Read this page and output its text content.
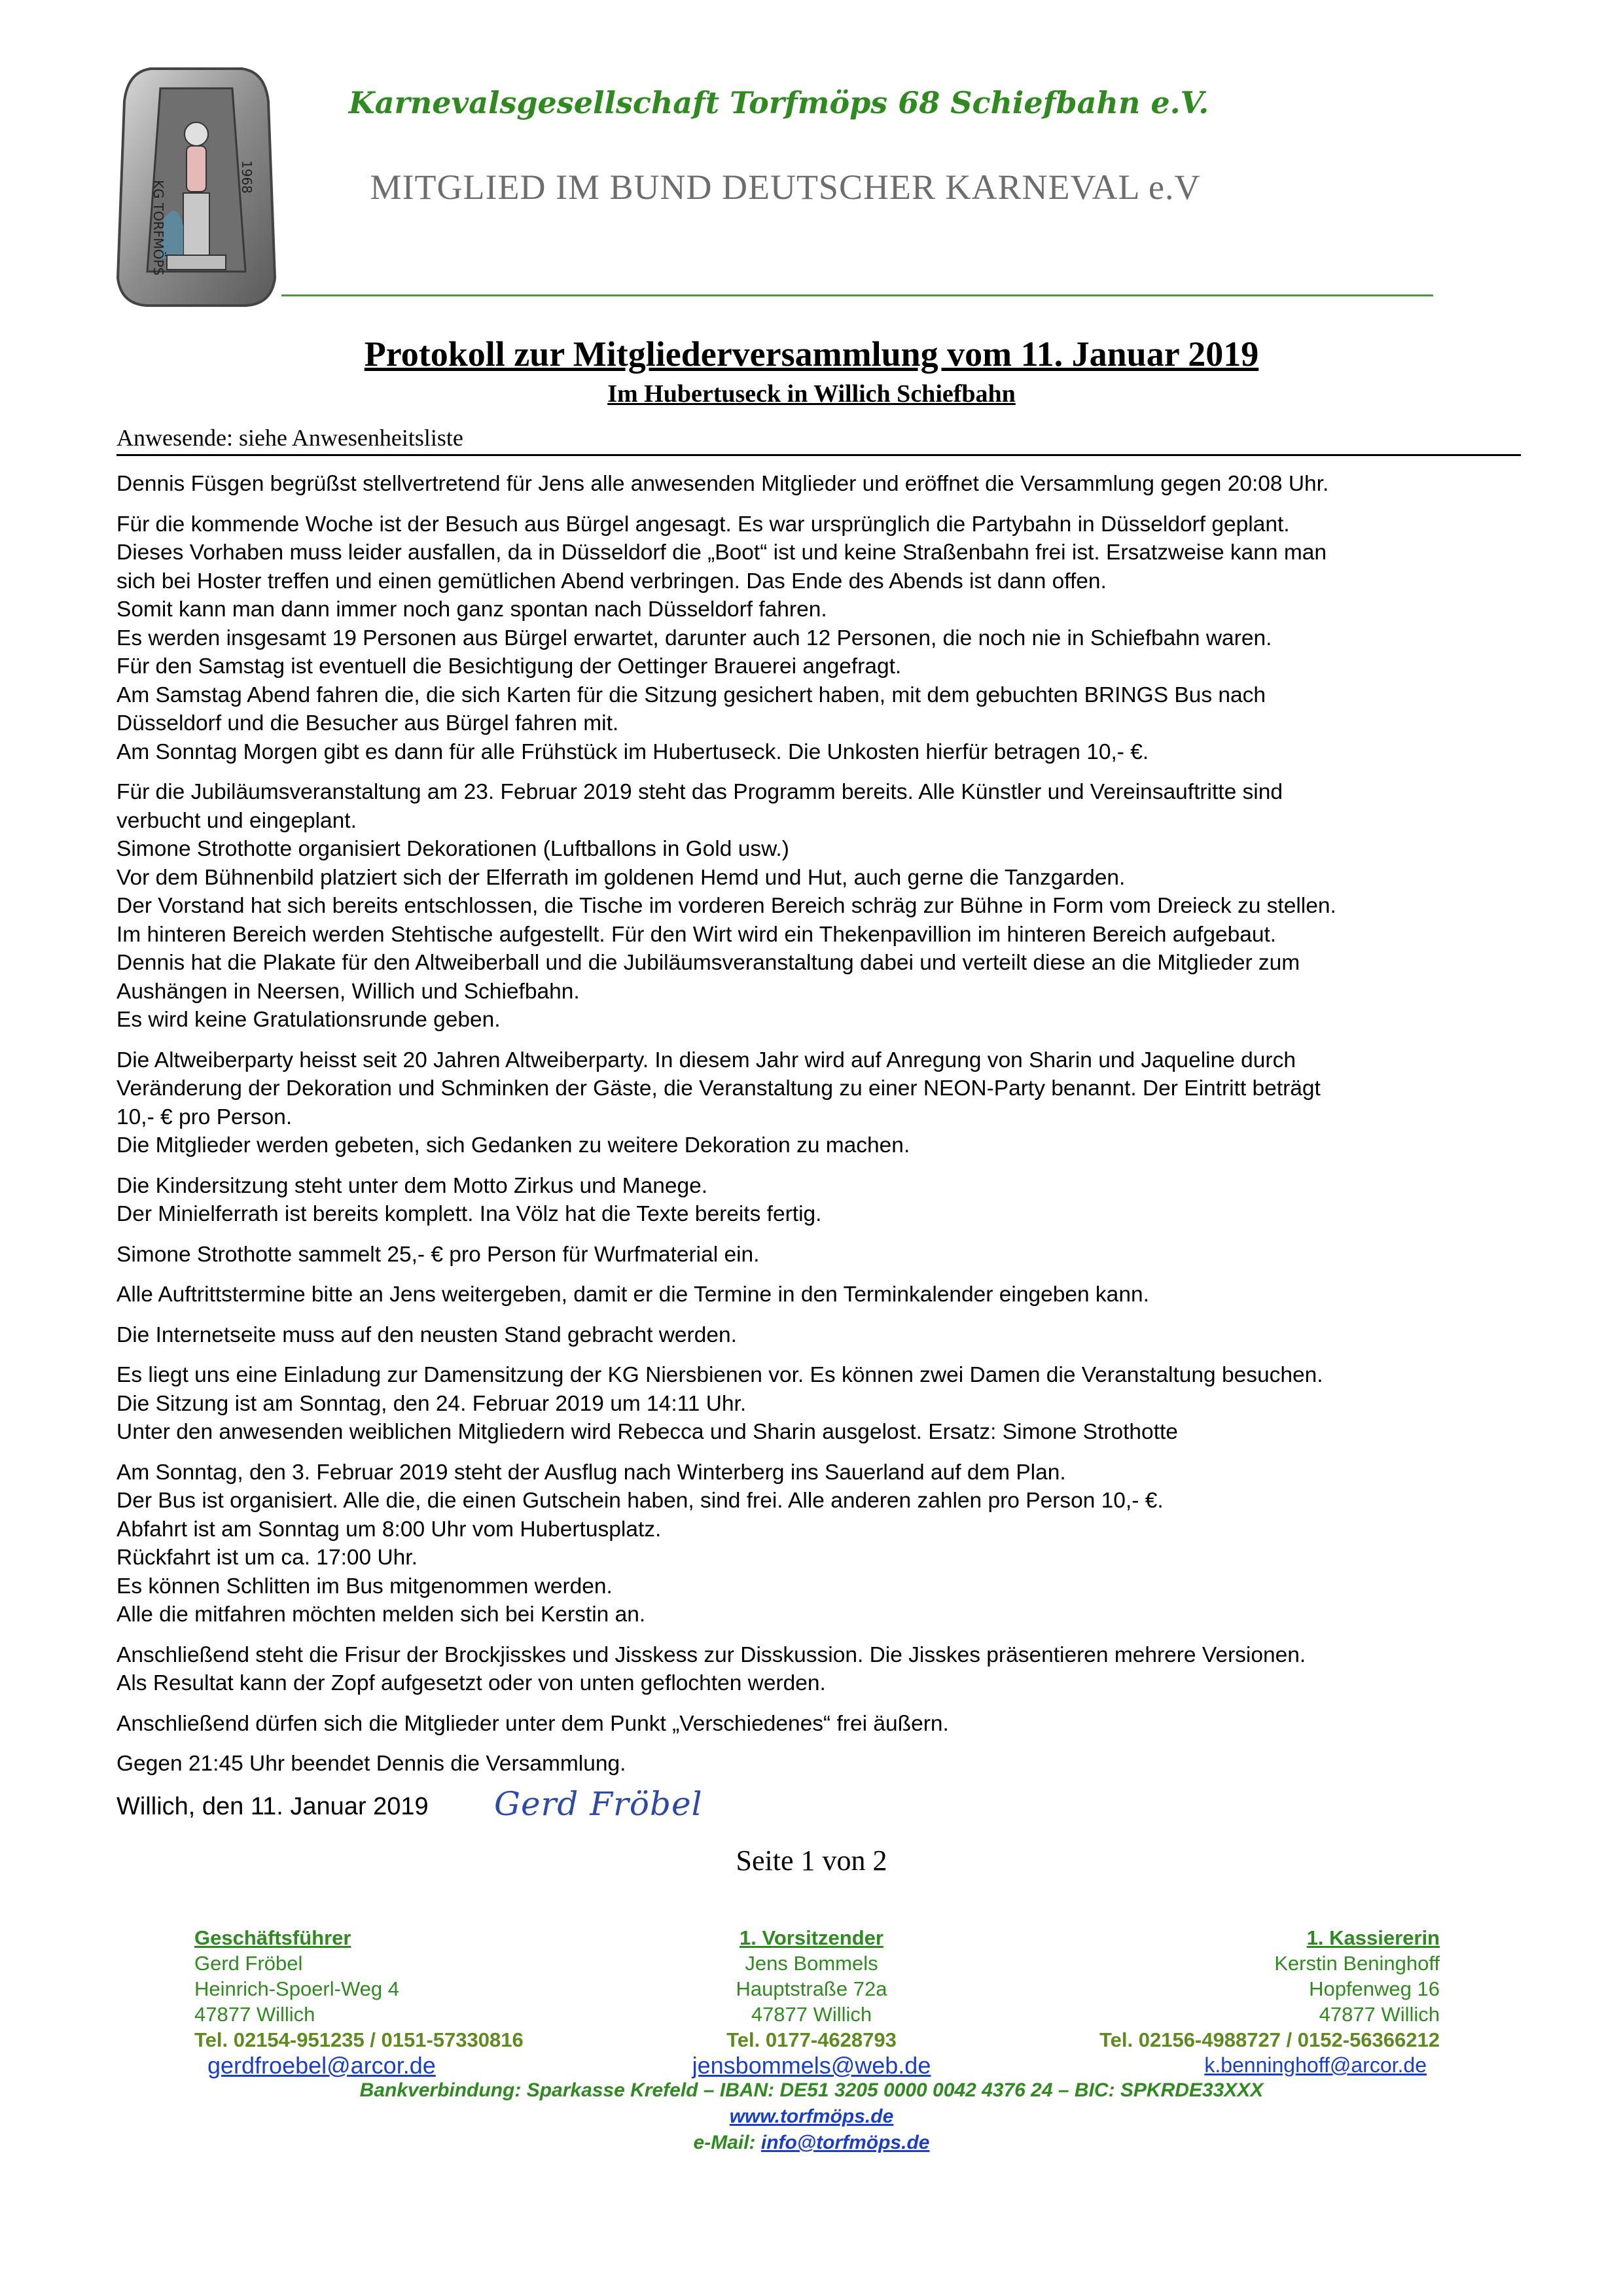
KG TORFMÖPS
1968
Karnevalsgesellschaft Torfmöps 68 Schiefbahn e.V.
MITGLIED IM BUND DEUTSCHER KARNEVAL e.V
Protokoll zur Mitgliederversammlung vom 11. Januar 2019
Im Hubertuseck in Willich Schiefbahn
Anwesende: siehe Anwesenheitsliste

Dennis Füsgen begrüßst stellvertretend für Jens alle anwesenden Mitglieder und eröffnet die Versammlung gegen 20:08 Uhr.

Für die kommende Woche ist der Besuch aus Bürgel angesagt. Es war ursprünglich die Partybahn in Düsseldorf geplant.
Dieses Vorhaben muss leider ausfallen, da in Düsseldorf die „Boot“ ist und keine Straßenbahn frei ist. Ersatzweise kann man
sich bei Hoster treffen und einen gemütlichen Abend verbringen. Das Ende des Abends ist dann offen.
Somit kann man dann immer noch ganz spontan nach Düsseldorf fahren.
Es werden insgesamt 19 Personen aus Bürgel erwartet, darunter auch 12 Personen, die noch nie in Schiefbahn waren.
Für den Samstag ist eventuell die Besichtigung der Oettinger Brauerei angefragt.
Am Samstag Abend fahren die, die sich Karten für die Sitzung gesichert haben, mit dem gebuchten BRINGS Bus nach
Düsseldorf und die Besucher aus Bürgel fahren mit.
Am Sonntag Morgen gibt es dann für alle Frühstück im Hubertuseck. Die Unkosten hierfür betragen 10,- €.

Für die Jubiläumsveranstaltung am 23. Februar 2019 steht das Programm bereits. Alle Künstler und Vereinsauftritte sind
verbucht und eingeplant.
Simone Strothotte organisiert Dekorationen (Luftballons in Gold usw.)
Vor dem Bühnenbild platziert sich der Elferrath im goldenen Hemd und Hut, auch gerne die Tanzgarden.
Der Vorstand hat sich bereits entschlossen, die Tische im vorderen Bereich schräg zur Bühne in Form vom Dreieck zu stellen.
Im hinteren Bereich werden Stehtische aufgestellt. Für den Wirt wird ein Thekenpavillion im hinteren Bereich aufgebaut.
Dennis hat die Plakate für den Altweiberball und die Jubiläumsveranstaltung dabei und verteilt diese an die Mitglieder zum
Aushängen in Neersen, Willich und Schiefbahn.
Es wird keine Gratulationsrunde geben.

Die Altweiberparty heisst seit 20 Jahren Altweiberparty. In diesem Jahr wird auf Anregung von Sharin und Jaqueline durch
Veränderung der Dekoration und Schminken der Gäste, die Veranstaltung zu einer NEON-Party benannt. Der Eintritt beträgt
10,- € pro Person.
Die Mitglieder werden gebeten, sich Gedanken zu weitere Dekoration zu machen.

Die Kindersitzung steht unter dem Motto Zirkus und Manege.
Der Minielferrath ist bereits komplett. Ina Völz hat die Texte bereits fertig.

Simone Strothotte sammelt 25,- € pro Person für Wurfmaterial ein.

Alle Auftrittstermine bitte an Jens weitergeben, damit er die Termine in den Terminkalender eingeben kann.

Die Internetseite muss auf den neusten Stand gebracht werden.

Es liegt uns eine Einladung zur Damensitzung der KG Niersbienen vor. Es können zwei Damen die Veranstaltung besuchen.
Die Sitzung ist am Sonntag, den 24. Februar 2019 um 14:11 Uhr.
Unter den anwesenden weiblichen Mitgliedern wird Rebecca und Sharin ausgelost. Ersatz: Simone Strothotte

Am Sonntag, den 3. Februar 2019 steht der Ausflug nach Winterberg ins Sauerland auf dem Plan.
Der Bus ist organisiert. Alle die, die einen Gutschein haben, sind frei. Alle anderen zahlen pro Person 10,- €.
Abfahrt ist am Sonntag um 8:00 Uhr vom Hubertusplatz.
Rückfahrt ist um ca. 17:00 Uhr.
Es können Schlitten im Bus mitgenommen werden.
Alle die mitfahren möchten melden sich bei Kerstin an.

Anschließend steht die Frisur der Brockjisskes und Jisskess zur Disskussion. Die Jisskes präsentieren mehrere Versionen.
Als Resultat kann der Zopf aufgesetzt oder von unten geflochten werden.

Anschließend dürfen sich die Mitglieder unter dem Punkt „Verschiedenes“ frei äußern.

Gegen 21:45 Uhr beendet Dennis die Versammlung.

Willich, den 11. Januar 2019 Gerd Fröbel
Seite 1 von 2
Geschäftsführer
Gerd Fröbel
Heinrich-Spoerl-Weg 4
47877 Willich
Tel. 02154-951235 / 0151-57330816
gerdfroebel@arcor.de
1. Vorsitzender
Jens Bommels
Hauptstraße 72a
47877 Willich
Tel. 0177-4628793
jensbommels@web.de
1. Kassiererin
Kerstin Beninghoff
Hopfenweg 16
47877 Willich
Tel. 02156-4988727 / 0152-56366212
k.benninghoff@arcor.de
Bankverbindung: Sparkasse Krefeld – IBAN: DE51 3205 0000 0042 4376 24 – BIC: SPKRDE33XXX
www.torfmöps.de
e-Mail: info@torfmöps.de
